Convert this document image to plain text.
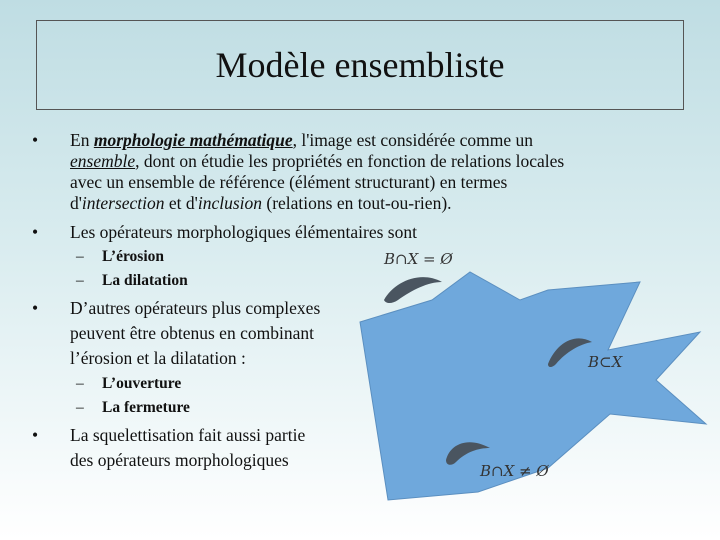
Modèle ensembliste
• En morphologie mathématique, l'image est considérée comme un
ensemble, dont on étudie les propriétés en fonction de relations locales
avec un ensemble de référence (élément structurant) en termes
d'intersection et d'inclusion (relations en tout-ou-rien).
• Les opérateurs morphologiques élémentaires sont
– L’érosion
– La dilatation
• D’autres opérateurs plus complexes
peuvent être obtenus en combinant
l’érosion et la dilatation :
– L’ouverture
– La fermeture
• La squelettisation fait aussi partie
des opérateurs morphologiques
B∩X = Ø
B⊂X
B∩X ≠ Ø
